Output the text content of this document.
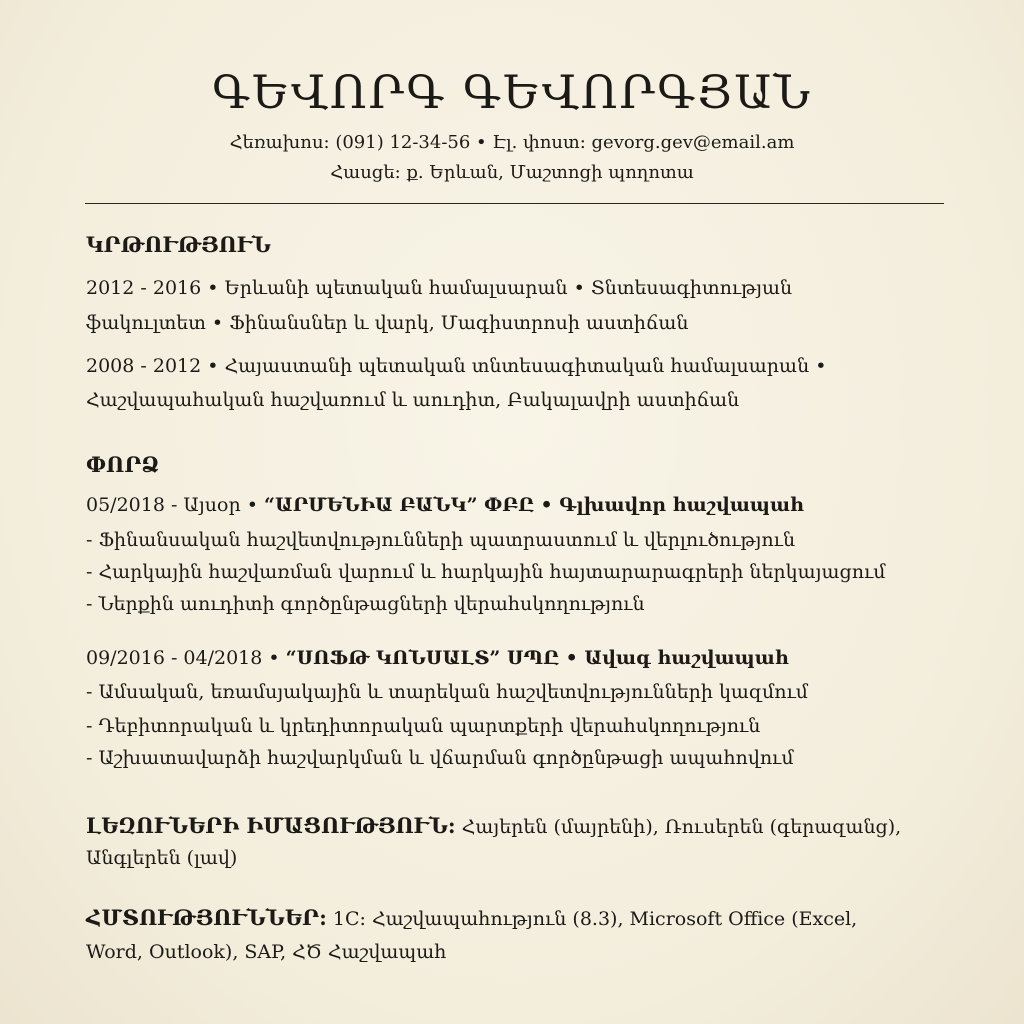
ԳԵՎՈՐԳ ԳԵՎՈՐԳՅԱՆ
Հեռախոս: (091) 12-34-56 • Էլ. փոստ: gevorg.gev@email.am
Հասցե: ք. Երևան, Մաշտոցի պողոտա
ԿՐԹՈՒԹՅՈՒՆ
2012 - 2016 • Երևանի պետական համալսարան • Տնտեսագիտության
ֆակուլտետ • Ֆինանսներ և վարկ, Մագիստրոսի աստիճան
2008 - 2012 • Հայաստանի պետական տնտեսագիտական համալսարան •
Հաշվապահական հաշվառում և աուդիտ, Բակալավրի աստիճան
ՓՈՐՁ
05/2018 - Այսօր • “ԱՐՄԵՆԻԱ ԲԱՆԿ” ՓԲԸ • Գլխավոր հաշվապահ
- Ֆինանսական հաշվետվությունների պատրաստում և վերլուծություն
- Հարկային հաշվառման վարում և հարկային հայտարարագրերի ներկայացում
- Ներքին աուդիտի գործընթացների վերահսկողություն
09/2016 - 04/2018 • “ՍՈՖԹ ԿՈՆՍԱԼՏ” ՍՊԸ • Ավագ հաշվապահ
- Ամսական, եռամսյակային և տարեկան հաշվետվությունների կազմում
- Դեբիտորական և կրեդիտորական պարտքերի վերահսկողություն
- Աշխատավարձի հաշվարկման և վճարման գործընթացի ապահովում
ԼԵԶՈՒՆԵՐԻ ԻՄԱՑՈՒԹՅՈՒՆ: Հայերեն (մայրենի), Ռուսերեն (գերազանց),
Անգլերեն (լավ)
ՀՄՏՈՒԹՅՈՒՆՆԵՐ: 1C: Հաշվապահություն (8.3), Microsoft Office (Excel,
Word, Outlook), SAP, ՀԾ Հաշվապահ
